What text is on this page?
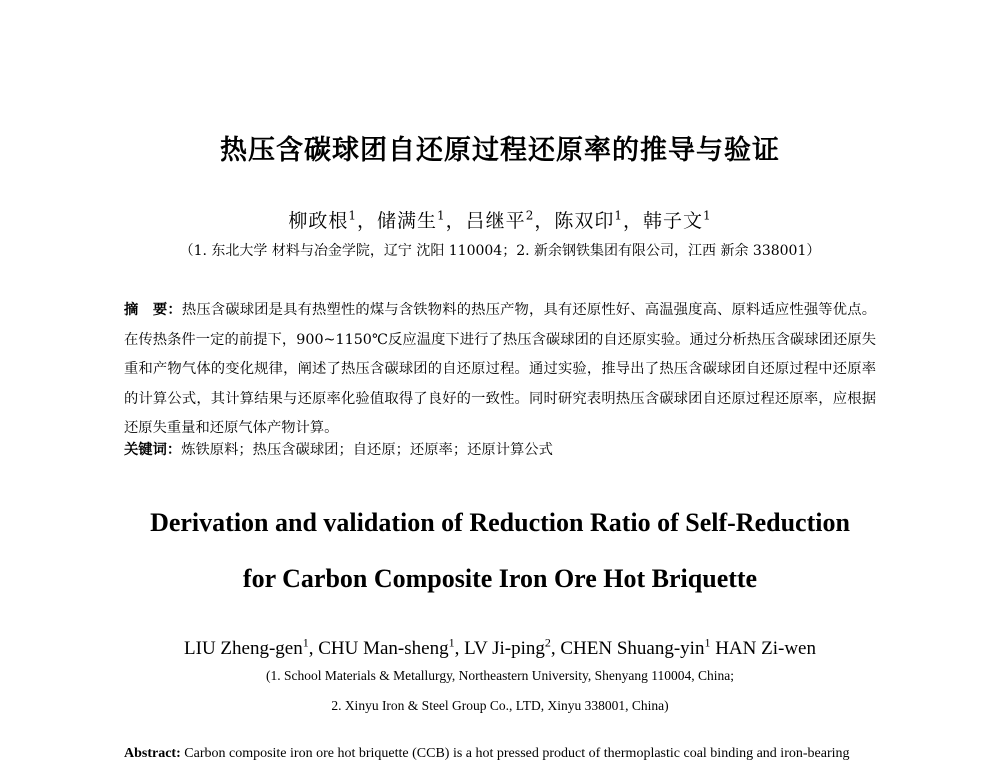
热压含碳球团自还原过程还原率的推导与验证
柳政根$^1$，储满生$^1$，吕继平$^2$，陈双印$^1$，韩子文$^1$
（1. 东北大学 材料与冶金学院，辽宁 沈阳 110004；2. 新余钢铁集团有限公司，江西 新余 338001）
摘　要：热压含碳球团是具有热塑性的煤与含铁物料的热压产物，具有还原性好、高温强度高、原料适应性强等优点。在传热条件一定的前提下，900~1150℃反应温度下进行了热压含碳球团的自还原实验。通过分析热压含碳球团还原失重和产物气体的变化规律，阐述了热压含碳球团的自还原过程。通过实验，推导出了热压含碳球团自还原过程中还原率的计算公式，其计算结果与还原率化验值取得了良好的一致性。同时研究表明热压含碳球团自还原过程还原率，应根据还原失重量和还原气体产物计算。
关键词：炼铁原料；热压含碳球团；自还原；还原率；还原计算公式
Derivation and validation of Reduction Ratio of Self-Reduction
for Carbon Composite Iron Ore Hot Briquette
LIU Zheng-gen$^1$, CHU Man-sheng$^1$, LV Ji-ping$^2$, CHEN Shuang-yin$^1$ HAN Zi-wen
(1. School Materials & Metallurgy, Northeastern University, Shenyang 110004, China;
2. Xinyu Iron & Steel Group Co., LTD, Xinyu 338001, China)
Abstract: Carbon composite iron ore hot briquette (CCB) is a hot pressed product of thermoplastic coal binding and iron-bearing
